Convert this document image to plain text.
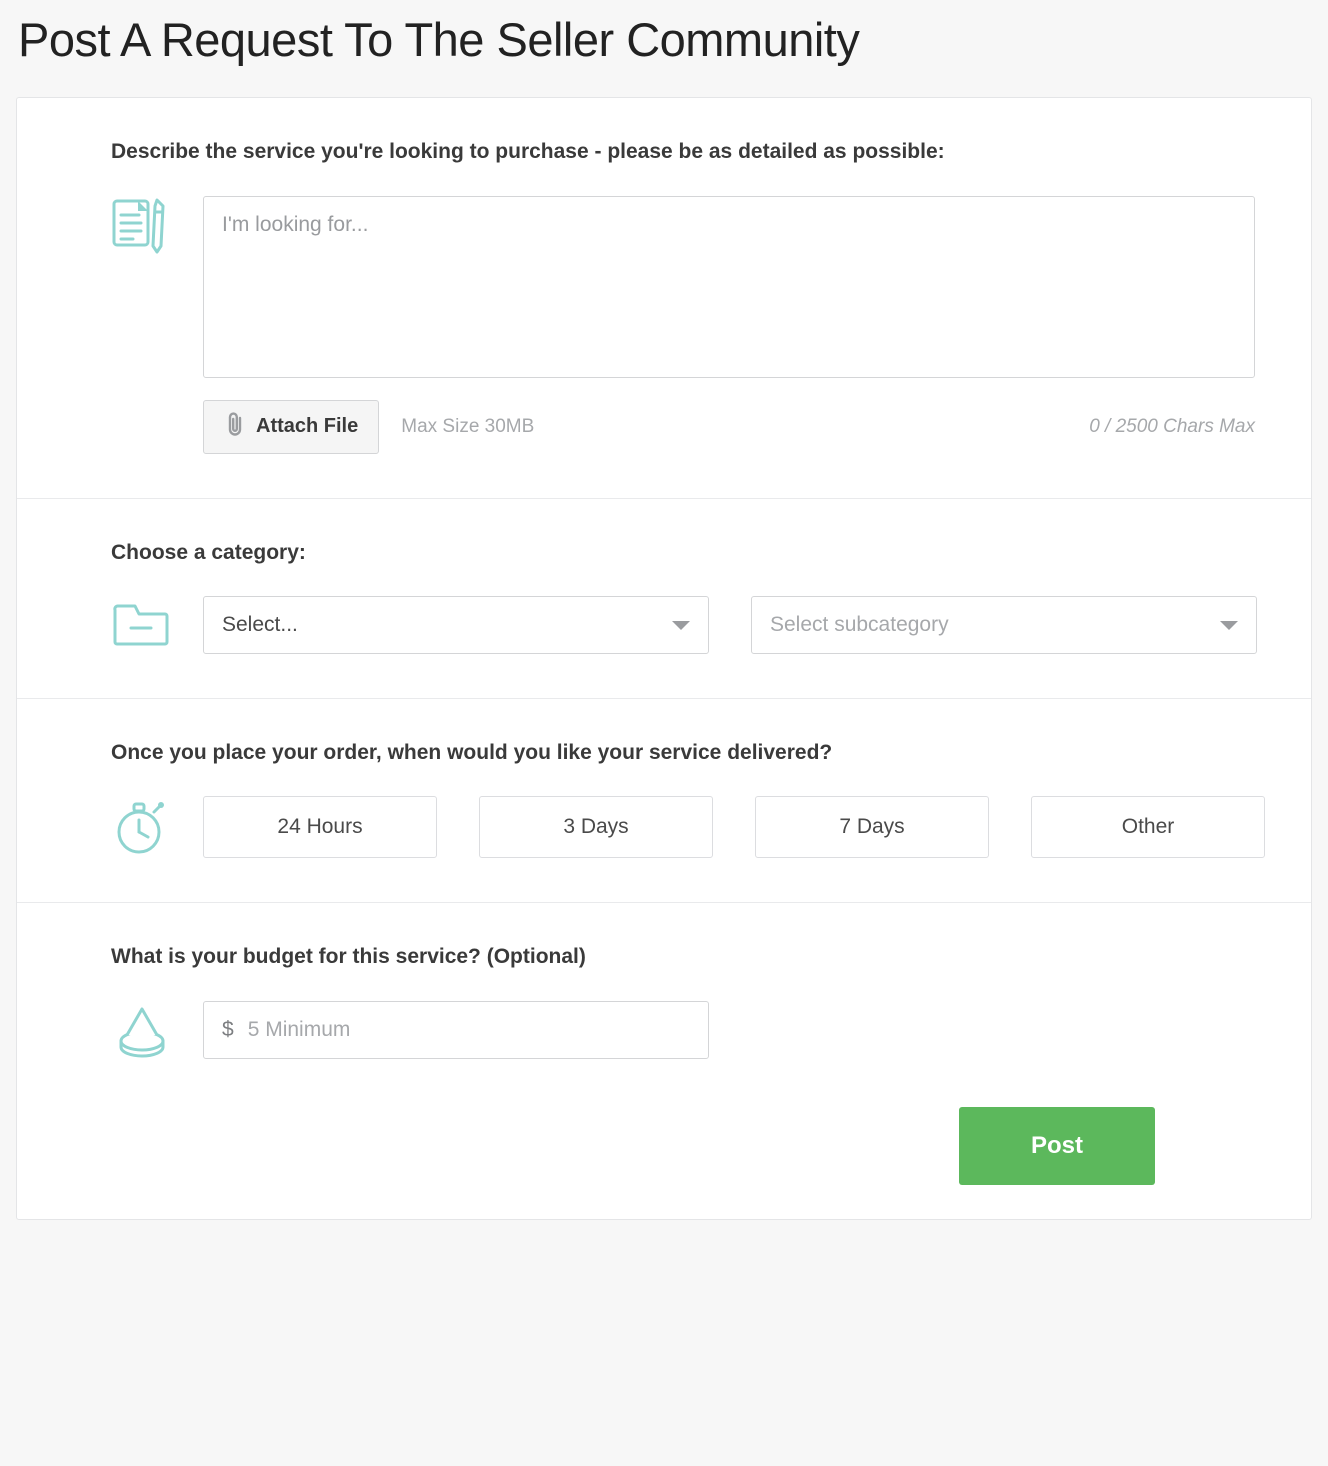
Post A Request To The Seller Community
Describe the service you're looking to purchase - please be as detailed as possible:
I'm looking for...
Attach File Max Size 30MB	0 / 2500 Chars Max
Choose a category:
Select...	Select subcategory
Once you place your order, when would you like your service delivered?
24 Hours	3 Days	7 Days	Other
What is your budget for this service? (Optional)
$
5 Minimum
Post
